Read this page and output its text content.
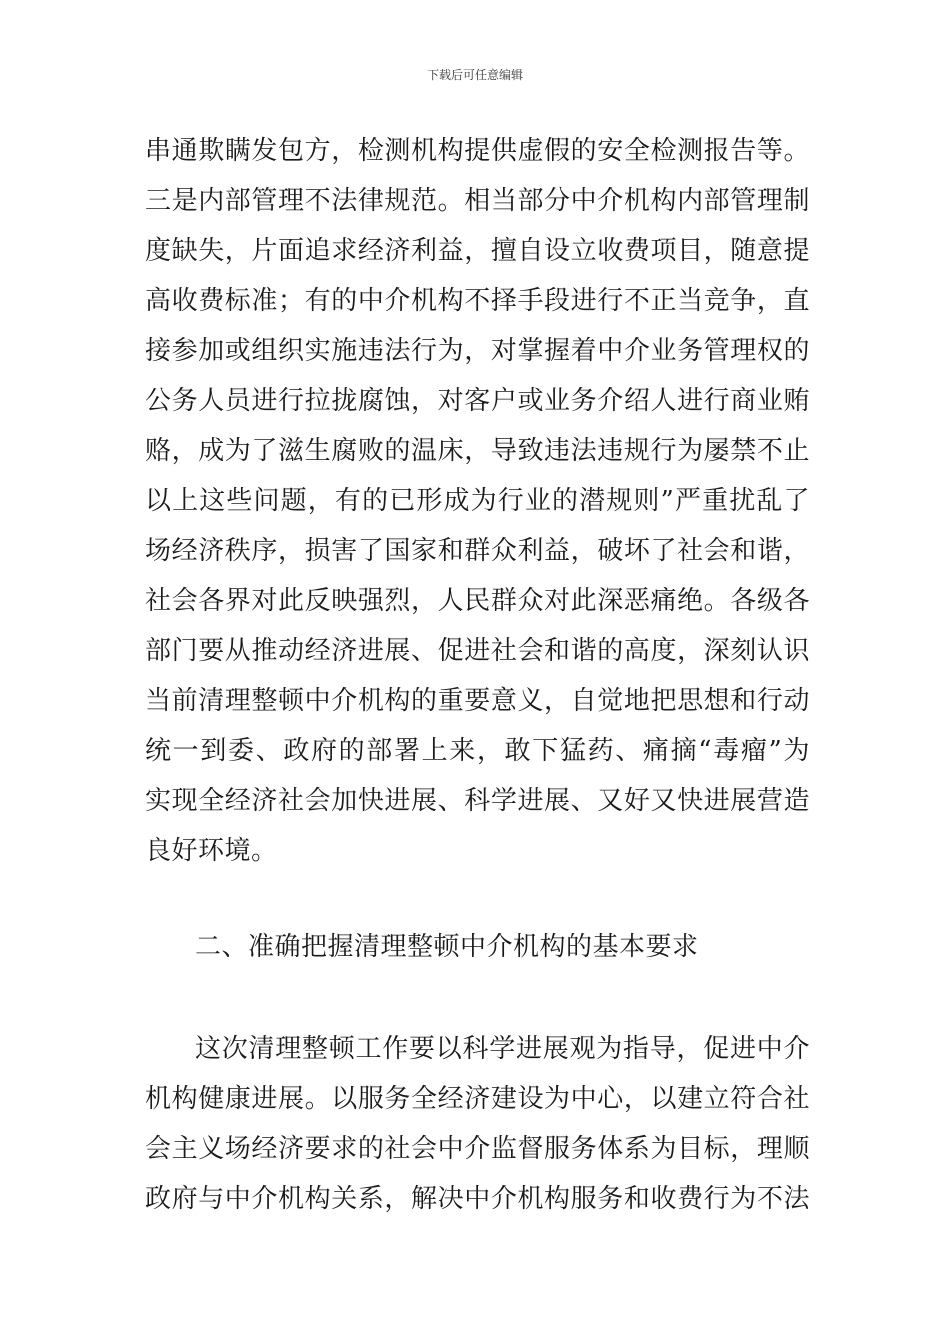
下载后可任意编辑
串通欺瞒发包方，检测机构提供虚假的安全检测报告等。
三是内部管理不法律规范。相当部分中介机构内部管理制
度缺失，片面追求经济利益，擅自设立收费项目，随意提
高收费标准；有的中介机构不择手段进行不正当竞争，直
接参加或组织实施违法行为，对掌握着中介业务管理权的
公务人员进行拉拢腐蚀，对客户或业务介绍人进行商业贿
赂，成为了滋生腐败的温床，导致违法违规行为屡禁不止
以上这些问题，有的已形成为行业的潜规则”严重扰乱了
场经济秩序，损害了国家和群众利益，破坏了社会和谐，
社会各界对此反映强烈，人民群众对此深恶痛绝。各级各
部门要从推动经济进展、促进社会和谐的高度，深刻认识
当前清理整顿中介机构的重要意义，自觉地把思想和行动
统一到委、政府的部署上来，敢下猛药、痛摘“毒瘤”为
实现全经济社会加快进展、科学进展、又好又快进展营造
良好环境。
二、准确把握清理整顿中介机构的基本要求
这次清理整顿工作要以科学进展观为指导，促进中介
机构健康进展。以服务全经济建设为中心，以建立符合社
会主义场经济要求的社会中介监督服务体系为目标，理顺
政府与中介机构关系，解决中介机构服务和收费行为不法
